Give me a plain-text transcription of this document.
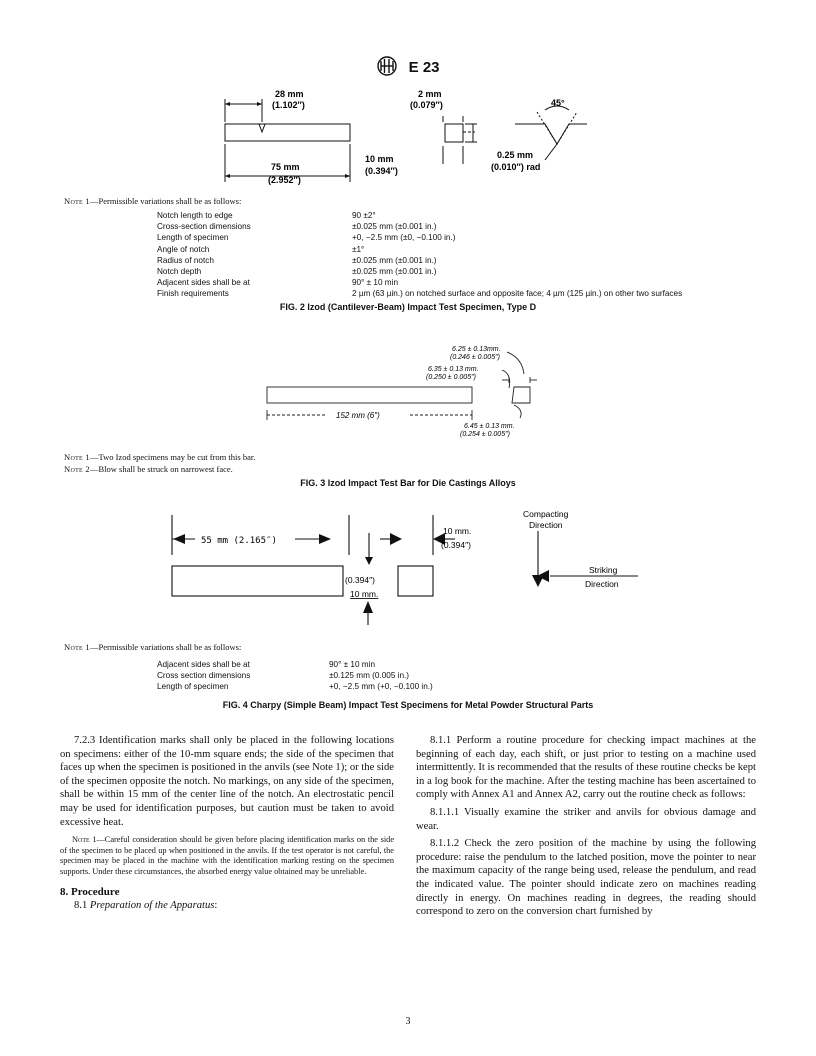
E 23
28 mm
(1.102″)
75 mm
(2.952″)
2 mm
(0.079″)
10 mm
(0.394″)
45°
0.25 mm
(0.010″) rad
Note 1—Permissible variations shall be as follows:
Notch length to edge	90 ±2°
Cross-section dimensions	±0.025 mm (±0.001 in.)
Length of specimen	+0, −2.5 mm (±0, −0.100 in.)
Angle of notch	±1°
Radius of notch	±0.025 mm (±0.001 in.)
Notch depth	±0.025 mm (±0.001 in.)
Adjacent sides shall be at	90° ± 10 min
Finish requirements	2 µm (63 µin.) on notched surface and opposite face; 4 µm (125 µin.) on other two surfaces
FIG. 2 Izod (Cantilever-Beam) Impact Test Specimen, Type D
6.25 ± 0.13mm.
(0.246 ± 0.005″)
6.35 ± 0.13 mm.
(0.250 ± 0.005″)
152 mm (6″)
6.45 ± 0.13 mm.
(0.254 ± 0.005″)
Note 1—Two Izod specimens may be cut from this bar.
Note 2—Blow shall be struck on narrowest face.
FIG. 3 Izod Impact Test Bar for Die Castings Alloys
55 mm (2.165″)
10 mm.
(0.394″)
(0.394″)
10 mm.
Compacting
Direction
Striking
Direction
Note 1—Permissible variations shall be as follows:
Adjacent sides shall be at	90° ± 10 min
Cross section dimensions	±0.125 mm (0.005 in.)
Length of specimen	+0, −2.5 mm (+0, −0.100 in.)
FIG. 4 Charpy (Simple Beam) Impact Test Specimens for Metal Powder Structural Parts

7.2.3 Identification marks shall only be placed in the following locations on specimens: either of the 10-mm square ends; the side of the specimen that faces up when the specimen is positioned in the anvils (see Note 1); or the side of the specimen opposite the notch. No markings, on any side of the specimen, shall be within 15 mm of the center line of the notch. An electrostatic pencil may be used for identification purposes, but caution must be taken to avoid excessive heat.

Note 1—Careful consideration should be given before placing identification marks on the side of the specimen to be placed up when positioned in the anvils. If the test operator is not careful, the specimen may be placed in the machine with the identification marking resting on the specimen supports. Under these circumstances, the absorbed energy value obtained may be unreliable.
8. Procedure
8.1 Preparation of the Apparatus:

8.1.1 Perform a routine procedure for checking impact machines at the beginning of each day, each shift, or just prior to testing on a machine used intermittently. It is recommended that the results of these routine checks be kept in a log book for the machine. After the testing machine has been ascertained to comply with Annex A1 and Annex A2, carry out the routine check as follows:

8.1.1.1 Visually examine the striker and anvils for obvious damage and wear.

8.1.1.2 Check the zero position of the machine by using the following procedure: raise the pendulum to the latched position, move the pointer to near the maximum capacity of the range being used, release the pendulum, and read the indicated value. The pointer should indicate zero on machines reading directly in energy. On machines reading in degrees, the reading should correspond to zero on the conversion chart furnished by

3
